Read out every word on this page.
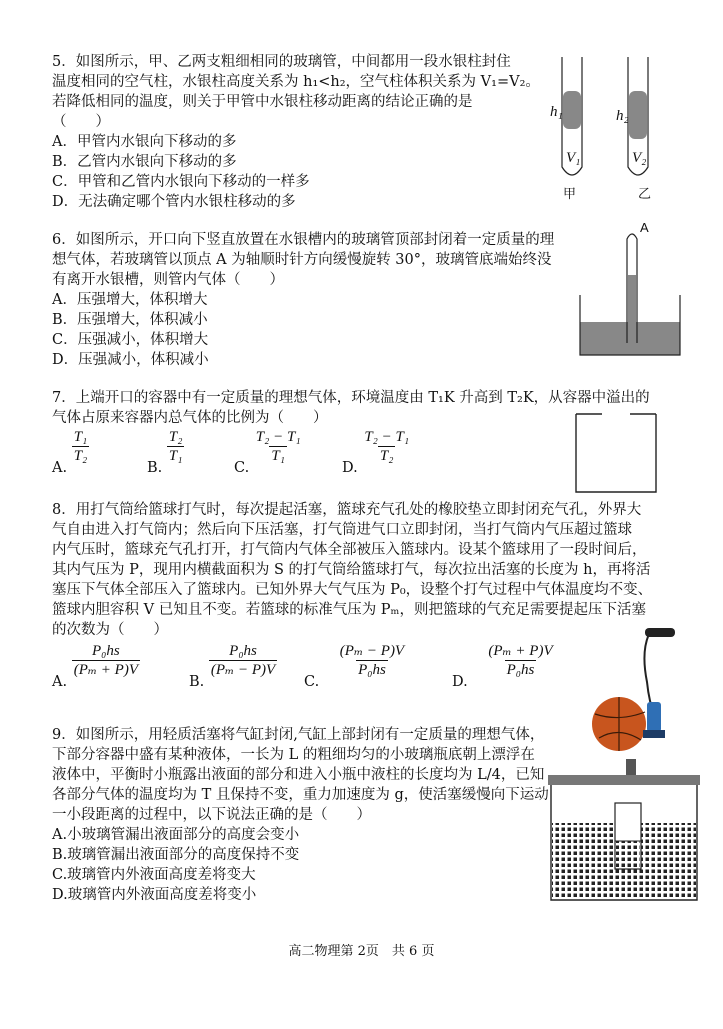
5．如图所示，甲、乙两支粗细相同的玻璃管，中间都用一段水银柱封住

温度相同的空气柱，水银柱高度关系为 h₁<h₂，空气柱体积关系为 V₁=V₂。

若降低相同的温度，则关于甲管中水银柱移动距离的结论正确的是

（　　）

A．甲管内水银向下移动的多

B．乙管内水银向下移动的多

C．甲管和乙管内水银向下移动的一样多

D．无法确定哪个管内水银柱移动的多

h₁	h₂
V₁	V₂
甲	乙

6．如图所示，开口向下竖直放置在水银槽内的玻璃管顶部封闭着一定质量的理

想气体，若玻璃管以顶点 A 为轴顺时针方向缓慢旋转 30°，玻璃管底端始终没

有离开水银槽，则管内气体（　　）

A．压强增大，体积增大

B．压强增大，体积减小

C．压强减小，体积增大

D．压强减小，体积减小

A

7．上端开口的容器中有一定质量的理想气体，环境温度由 T₁K 升高到 T₂K，从容器中溢出的

气体占原来容器内总气体的比例为（　　）

A.
$\frac{\text{T₁}}{\text{T₂}}$
B.
$\frac{\text{T₂}}{\text{T₁}}$
C.
$\frac{\text{T₂ − T₁}}{\text{T₁}}$
D.
$\frac{\text{T₂ − T₁}}{\text{T₂}}$

8．用打气筒给篮球打气时，每次提起活塞，篮球充气孔处的橡胶垫立即封闭充气孔，外界大

气自由进入打气筒内；然后向下压活塞，打气筒进气口立即封闭，当打气筒内气压超过篮球

内气压时，篮球充气孔打开，打气筒内气体全部被压入篮球内。设某个篮球用了一段时间后，

其内气压为 P，现用内横截面积为 S 的打气筒给篮球打气，每次拉出活塞的长度为 h，再将活

塞压下气体全部压入了篮球内。已知外界大气气压为 P₀，设整个打气过程中气体温度均不变、

篮球内胆容积 V 已知且不变。若篮球的标准气压为 Pₘ，则把篮球的气充足需要提起压下活塞

的次数为（　　）

A.
$\frac{\text{P₀hs}}{\text{(Pₘ + P)V}}$
B.
$\frac{\text{P₀hs}}{\text{(Pₘ − P)V}}$
C.
$\frac{\text{(Pₘ − P)V}}{\text{P₀hs}}$
D.
$\frac{\text{(Pₘ + P)V}}{\text{P₀hs}}$

9．如图所示，用轻质活塞将气缸封闭,气缸上部封闭有一定质量的理想气体，

下部分容器中盛有某种液体，一长为 L 的粗细均匀的小玻璃瓶底朝上漂浮在

液体中，平衡时小瓶露出液面的部分和进入小瓶中液柱的长度均为 L/4，已知

各部分气体的温度均为 T 且保持不变，重力加速度为 g，使活塞缓慢向下运动

一小段距离的过程中，以下说法正确的是（　　）

A.小玻璃管漏出液面部分的高度会变小

B.玻璃管漏出液面部分的高度保持不变

C.玻璃管内外液面高度差将变大

D.玻璃管内外液面高度差将变小

高二物理第 2页　共 6 页
